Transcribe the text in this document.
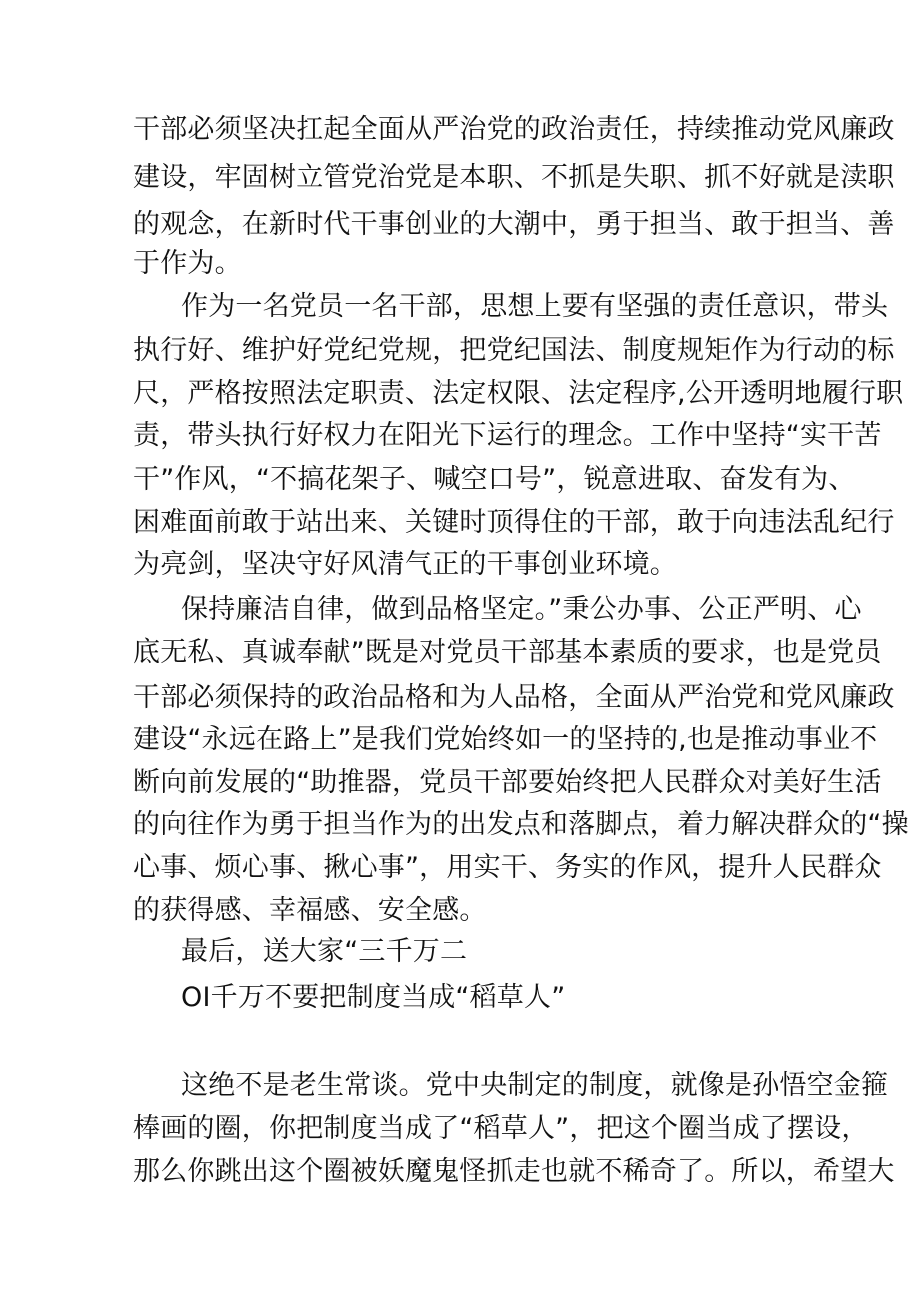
干部必须坚决扛起全面从严治党的政治责任，持续推动党风廉政
建设，牢固树立管党治党是本职、不抓是失职、抓不好就是渎职
的观念，在新时代干事创业的大潮中，勇于担当、敢于担当、善
于作为。
作为一名党员一名干部，思想上要有坚强的责任意识，带头
执行好、维护好党纪党规，把党纪国法、制度规矩作为行动的标
尺，严格按照法定职责、法定权限、法定程序,公开透明地履行职
责，带头执行好权力在阳光下运行的理念。工作中坚持“实干苦
干”作风，“不搞花架子、喊空口号”，锐意进取、奋发有为、
困难面前敢于站出来、关键时顶得住的干部，敢于向违法乱纪行
为亮剑，坚决守好风清气正的干事创业环境。
保持廉洁自律，做到品格坚定。”秉公办事、公正严明、心
底无私、真诚奉献”既是对党员干部基本素质的要求，也是党员
干部必须保持的政治品格和为人品格，全面从严治党和党风廉政
建设“永远在路上”是我们党始终如一的坚持的,也是推动事业不
断向前发展的“助推器，党员干部要始终把人民群众对美好生活
的向往作为勇于担当作为的出发点和落脚点，着力解决群众的“操
心事、烦心事、揪心事”，用实干、务实的作风，提升人民群众
的获得感、幸福感、安全感。
最后，送大家“三千万二
OI千万不要把制度当成“稻草人”
这绝不是老生常谈。党中央制定的制度，就像是孙悟空金箍
棒画的圈，你把制度当成了“稻草人”，把这个圈当成了摆设，
那么你跳出这个圈被妖魔鬼怪抓走也就不稀奇了。所以，希望大
